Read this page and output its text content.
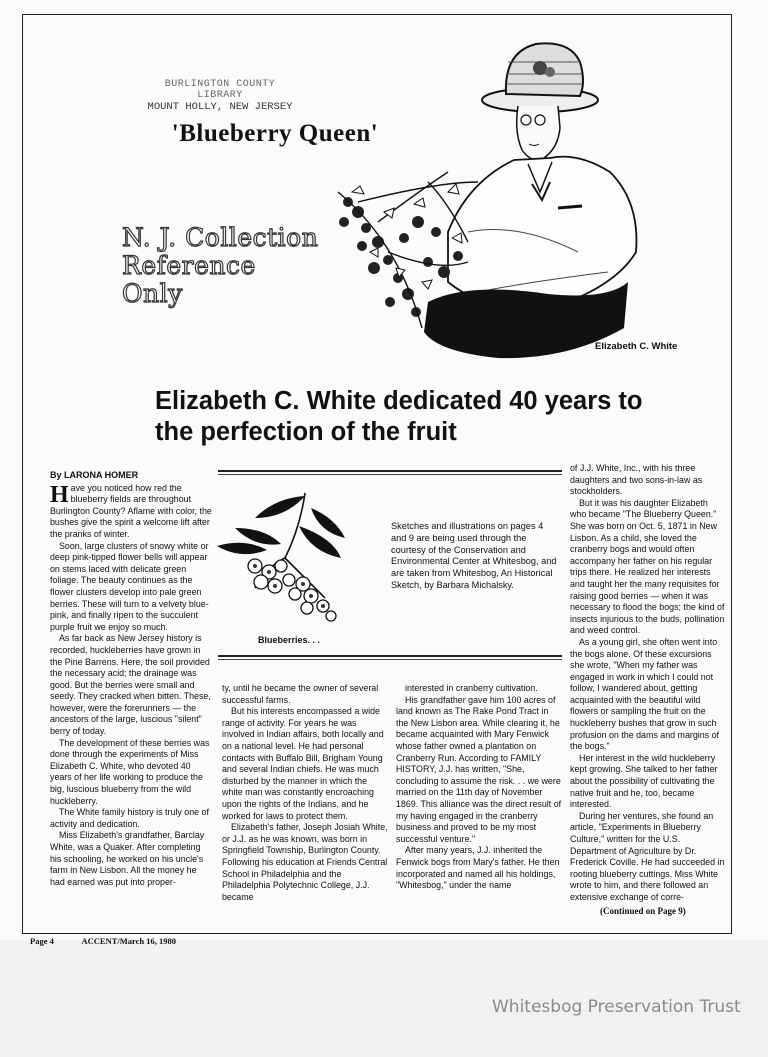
BURLINGTON COUNTY LIBRARY
MOUNT HOLLY, NEW JERSEY
'Blueberry Queen'
N. J. Collection
Reference Only
Elizabeth C. White
Elizabeth C. White dedicated 40 years to the perfection of the fruit

By LARONA HOMER

Have you noticed how red the blueberry fields are throughout Burlington County? Aflame with color, the bushes give the spirit a welcome lift after the pranks of winter.

Soon, large clusters of snowy white or deep pink-tipped flower bells will appear on stems laced with delicate green foliage. The beauty continues as the flower clusters develop into pale green berries. These will turn to a velvety blue-pink, and finally ripen to the succulent purple fruit we enjoy so much.

As far back as New Jersey history is recorded, huckleberries have grown in the Pine Barrens. Here, the soil provided the necessary acid; the drainage was good. But the berries were small and seedy. They cracked when bitten. These, however, were the forerunners — the ancestors of the large, luscious "silent" berry of today.

The development of these berries was done through the experiments of Miss Elizabeth C. White, who devoted 40 years of her life working to produce the big, luscious blueberry from the wild huckleberry.

The White family history is truly one of activity and dedication.

Miss Elizabeth's grandfather, Barclay White, was a Quaker. After completing his schooling, he worked on his uncle's farm in New Lisbon. All the money he had earned was put into proper-

Blueberries. . .

Sketches and illustrations on pages 4 and 9 are being used through the courtesy of the Conservation and Environmental Center at Whitesbog, and are taken from Whitesbog, An Historical Sketch, by Barbara Michalsky.

ty, until he became the owner of several successful farms.

But his interests encompassed a wide range of activity. For years he was involved in Indian affairs, both locally and on a national level. He had personal contacts with Buffalo Bill, Brigham Young and several Indian chiefs. He was much disturbed by the manner in which the white man was constantly encroaching upon the rights of the Indians, and he worked for laws to protect them.

Elizabeth's father, Joseph Josiah White, or J.J. as he was known, was born in Springfield Township, Burlington County. Following his education at Friends Central School in Philadelphia and the Philadelphia Polytechnic College, J.J. became

interested in cranberry cultivation.

His grandfather gave him 100 acres of land known as The Rake Pond Tract in the New Lisbon area. While clearing it, he became acquainted with Mary Fenwick whose father owned a plantation on Cranberry Run. According to FAMILY HISTORY, J.J. has written, "She, concluding to assume the risk. . . we were married on the 11th day of November 1869. This alliance was the direct result of my having engaged in the cranberry business and proved to be my most successful venture."

After many years, J.J. inherited the Fenwick bogs from Mary's father. He then incorporated and named all his holdings, "Whitesbog," under the name

of J.J. White, Inc., with his three daughters and two sons-in-law as stockholders.

But it was his daughter Elizabeth who became "The Blueberry Queen." She was born on Oct. 5, 1871 in New Lisbon. As a child, she loved the cranberry bogs and would often accompany her father on his regular trips there. He realized her interests and taught her the many requisites for raising good berries — when it was necessary to flood the bogs; the kind of insects injurious to the buds, pollination and weed control.

As a young girl, she often went into the bogs alone. Of these excursions she wrote, "When my father was engaged in work in which I could not follow, I wandered about, getting acquainted with the beautiful wild flowers or sampling the fruit on the huckleberry bushes that grow in such profusion on the dams and margins of the bogs."

Her interest in the wild huckleberry kept growing. She talked to her father about the possibility of cultivating the native fruit and he, too, became interested.

During her ventures, she found an article, "Experiments in Blueberry Culture," written for the U.S. Department of Agriculture by Dr. Frederick Coville. He had succeeded in rooting blueberry cuttings. Miss White wrote to him, and there followed an extensive exchange of corre-

(Continued on Page 9)
Page 4	ACCENT/March 16, 1980
Whitesbog Preservation Trust
